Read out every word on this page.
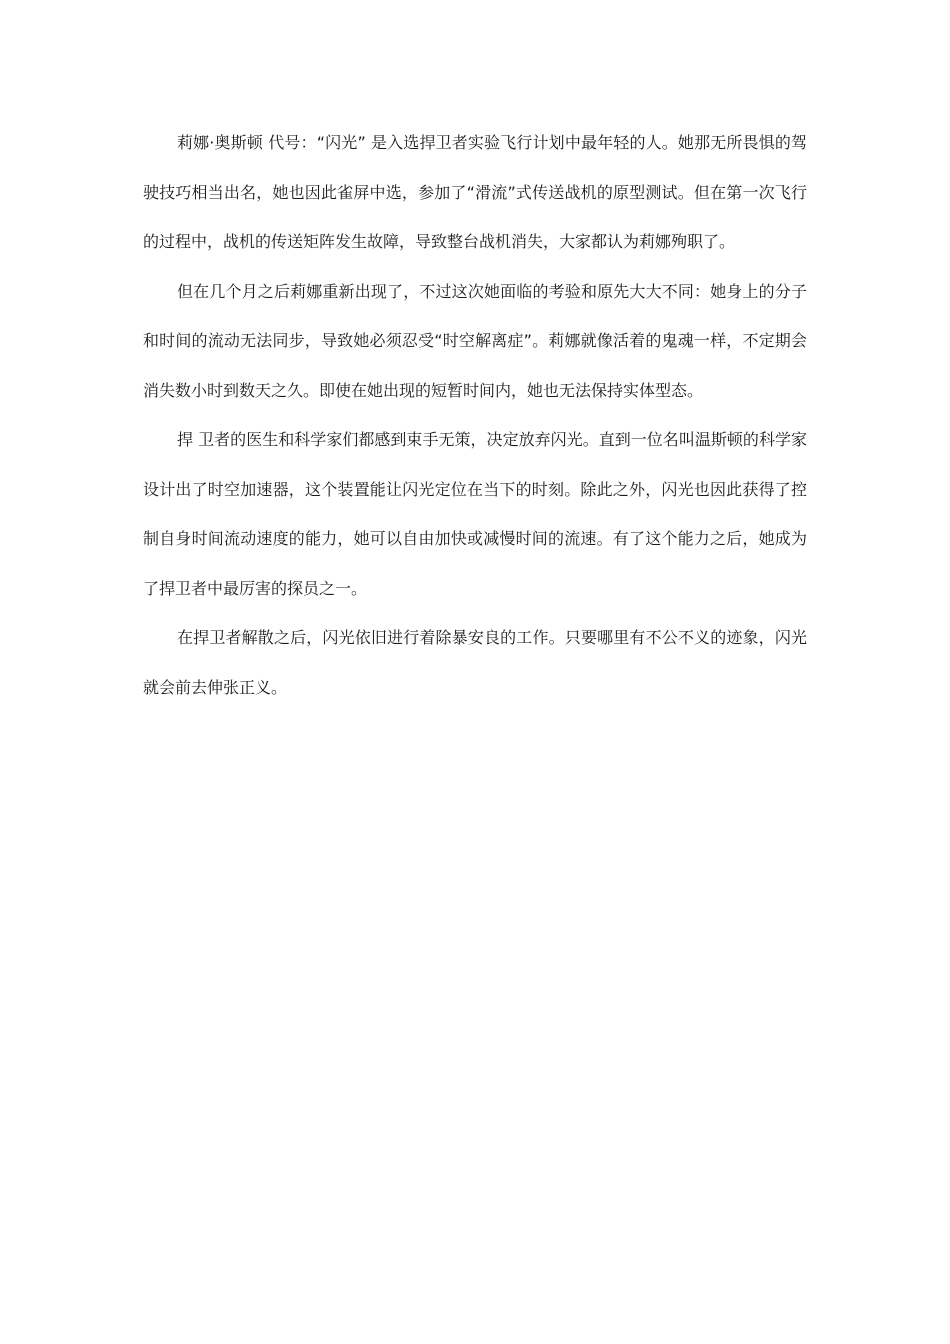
莉娜·奥斯顿 代号：“闪光” 是入选捍卫者实验飞行计划中最年轻的人。她那无所畏惧的驾驶技巧相当出名，她也因此雀屏中选，参加了“滑流”式传送战机的原型测试。但在第一次飞行的过程中，战机的传送矩阵发生故障，导致整台战机消失，大家都认为莉娜殉职了。

但在几个月之后莉娜重新出现了，不过这次她面临的考验和原先大大不同：她身上的分子和时间的流动无法同步，导致她必须忍受“时空解离症”。莉娜就像活着的鬼魂一样，不定期会消失数小时到数天之久。即使在她出现的短暂时间内，她也无法保持实体型态。

捍 卫者的医生和科学家们都感到束手无策，决定放弃闪光。直到一位名叫温斯顿的科学家设计出了时空加速器，这个装置能让闪光定位在当下的时刻。除此之外，闪光也因此获得了控制自身时间流动速度的能力，她可以自由加快或减慢时间的流速。有了这个能力之后，她成为了捍卫者中最厉害的探员之一。

在捍卫者解散之后，闪光依旧进行着除暴安良的工作。只要哪里有不公不义的迹象，闪光就会前去伸张正义。
